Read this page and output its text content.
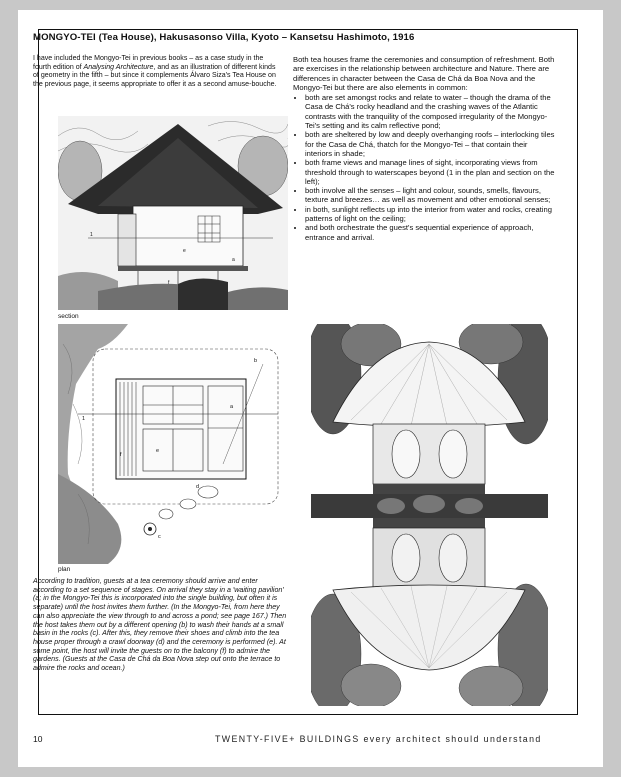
MONGYO-TEI (Tea House), Hakusasonso Villa, Kyoto – Kansetsu Hashimoto, 1916

I have included the Mongyo-Tei in previous books – as a case study in the fourth edition of Analysing Architecture, and as an illustration of different kinds of geometry in the fifth – but since it complements Álvaro Siza's Tea House on the previous page, it seems appropriate to offer it as a second amuse-bouche.

Both tea houses frame the ceremonies and consumption of refreshment. Both are exercises in the relationship between architecture and Nature. There are differences in character between the Casa de Chá da Boa Nova and the Mongyo-Tei but there are also elements in common:

• both are set amongst rocks and relate to water – though the drama of the Casa de Chá's rocky headland and the crashing waves of the Atlantic contrasts with the tranquility of the composed irregularity of the Mongyo-Tei's setting and its calm reflective pond;
• both are sheltered by low and deeply overhanging roofs – interlocking tiles for the Casa de Chá, thatch for the Mongyo-Tei – that contain their interiors in shade;
• both frame views and manage lines of sight, incorporating views from threshold through to waterscapes beyond (1 in the plan and section on the left);
• both involve all the senses – light and colour, sounds, smells, flavours, texture and breezes… as well as movement and other emotional senses;
• in both, sunlight reflects up into the interior from water and rocks, creating patterns of light on the ceiling;
• and both orchestrate the guest's sequential experience of approach, entrance and arrival.
1
e
a
f
section
1
f
e
a
b
d
c
plan

According to tradition, guests at a tea ceremony should arrive and enter according to a set sequence of stages. On arrival they stay in a 'waiting pavilion' (a; in the Mongyo-Tei this is incorporated into the single building, but often it is separate) until the host invites them further. (In the Mongyo-Tei, from here they can also appreciate the view through to and across a pond; see page 167.) Then the host takes them out by a different opening (b) to wash their hands at a small basin in the rocks (c). After this, they remove their shoes and climb into the tea house proper through a crawl doorway (d) and the ceremony is performed (e). At some point, the host will invite the guests on to the balcony (f) to admire the gardens. (Guests at the Casa de Chá da Boa Nova step out onto the terrace to admire the rocks and ocean.)

10	TWENTY-FIVE+ BUILDINGS every architect should understand
